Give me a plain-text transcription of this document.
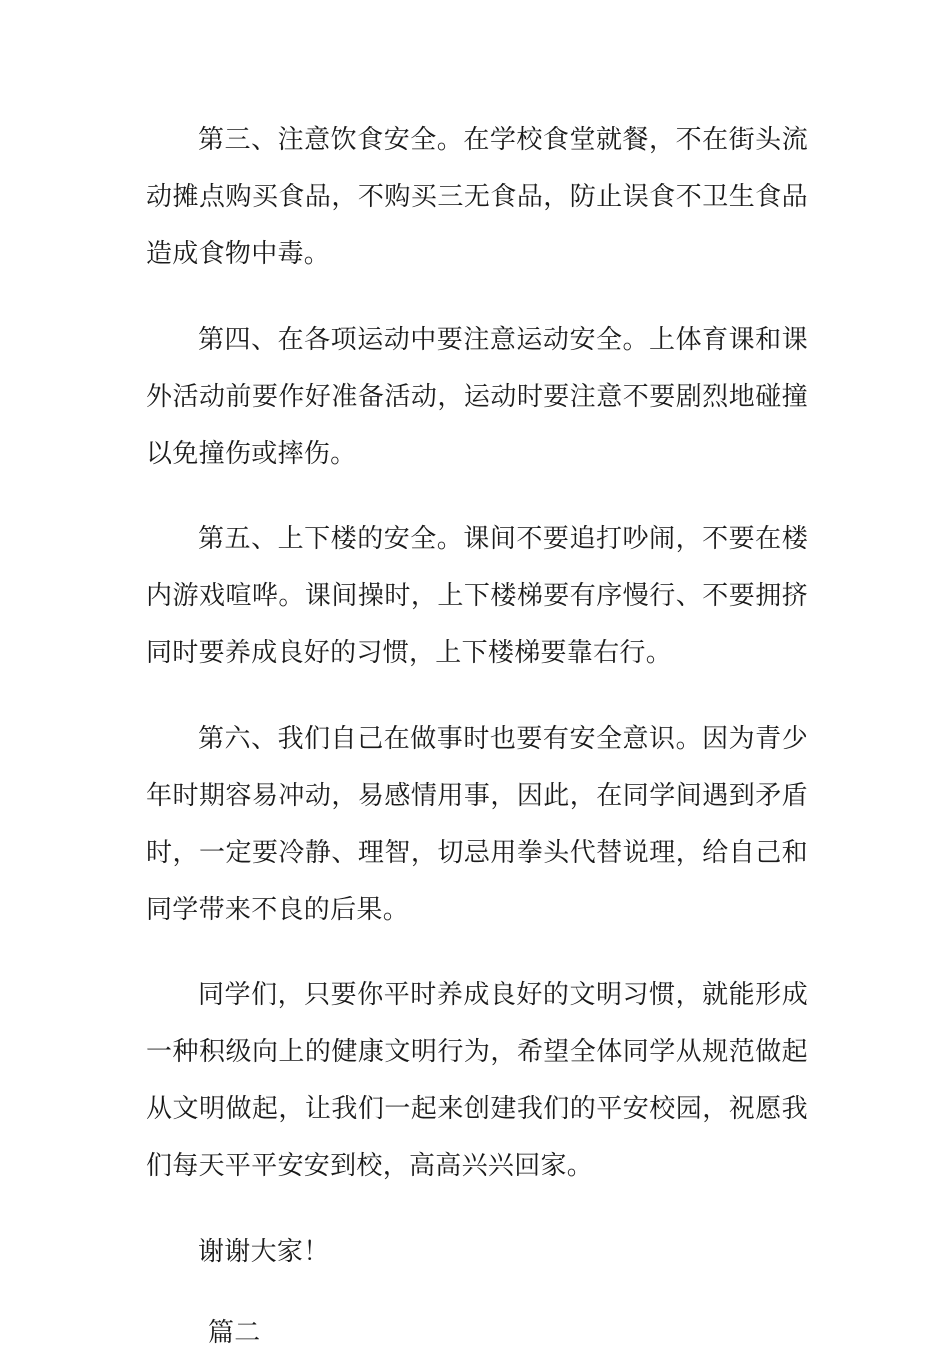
第三、注意饮食安全。在学校食堂就餐，不在街头流动摊点购买食品，不购买三无食品，防止误食不卫生食品造成食物中毒。

第四、在各项运动中要注意运动安全。上体育课和课外活动前要作好准备活动，运动时要注意不要剧烈地碰撞以免撞伤或摔伤。

第五、上下楼的安全。课间不要追打吵闹，不要在楼内游戏喧哗。课间操时，上下楼梯要有序慢行、不要拥挤同时要养成良好的习惯，上下楼梯要靠右行。

第六、我们自己在做事时也要有安全意识。因为青少年时期容易冲动，易感情用事，因此，在同学间遇到矛盾时，一定要冷静、理智，切忌用拳头代替说理，给自己和同学带来不良的后果。

同学们，只要你平时养成良好的文明习惯，就能形成一种积级向上的健康文明行为，希望全体同学从规范做起从文明做起，让我们一起来创建我们的平安校园，祝愿我们每天平平安安到校，高高兴兴回家。

谢谢大家！

篇二
